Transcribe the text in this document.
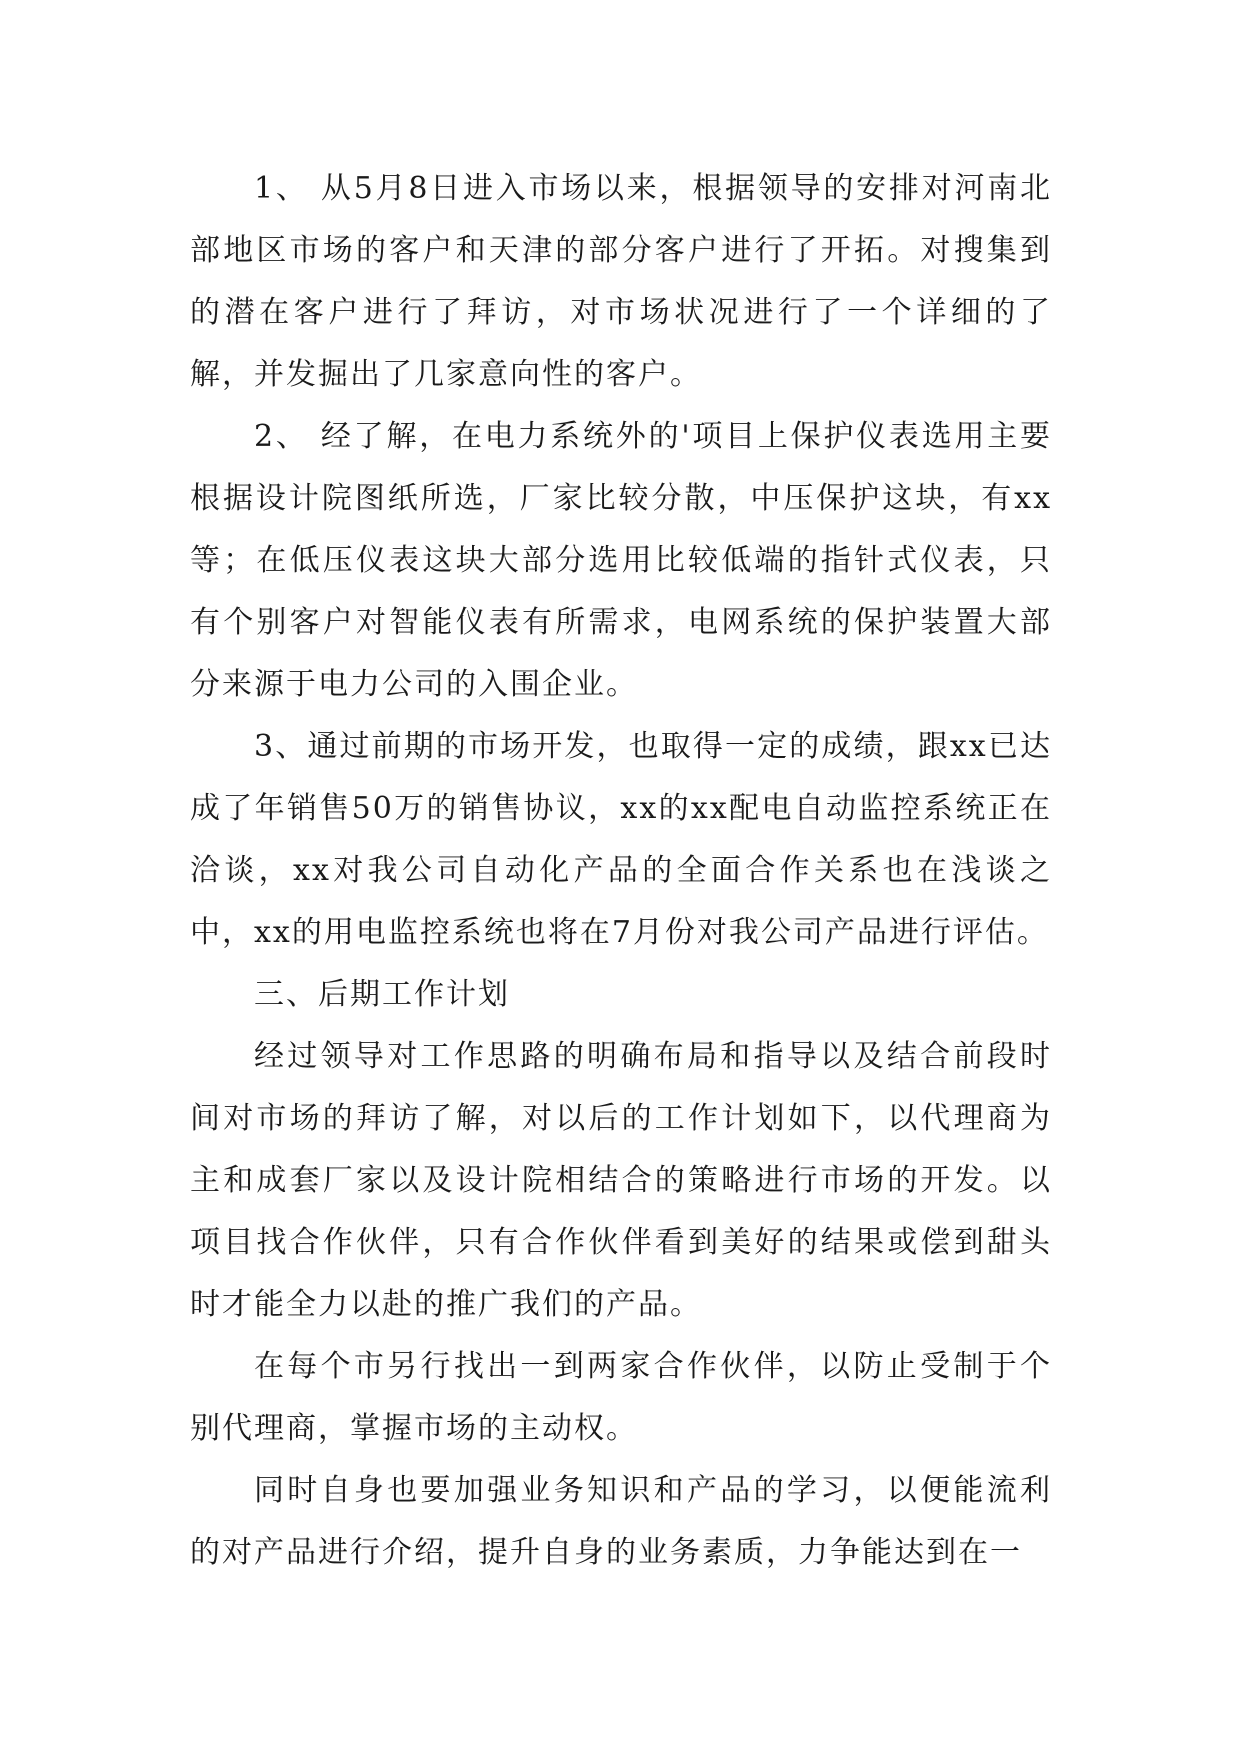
1、 从5月8日进入市场以来，根据领导的安排对河南北部地区市场的客户和天津的部分客户进行了开拓。对搜集到的潜在客户进行了拜访，对市场状况进行了一个详细的了解，并发掘出了几家意向性的客户。

2、 经了解，在电力系统外的'项目上保护仪表选用主要根据设计院图纸所选，厂家比较分散，中压保护这块，有xx等；在低压仪表这块大部分选用比较低端的指针式仪表，只有个别客户对智能仪表有所需求，电网系统的保护装置大部分来源于电力公司的入围企业。

3、通过前期的市场开发，也取得一定的成绩，跟xx已达成了年销售50万的销售协议，xx的xx配电自动监控系统正在洽谈，xx对我公司自动化产品的全面合作关系也在浅谈之中，xx的用电监控系统也将在7月份对我公司产品进行评估。

三、后期工作计划

经过领导对工作思路的明确布局和指导以及结合前段时间对市场的拜访了解，对以后的工作计划如下，以代理商为主和成套厂家以及设计院相结合的策略进行市场的开发。以项目找合作伙伴，只有合作伙伴看到美好的结果或偿到甜头时才能全力以赴的推广我们的产品。

在每个市另行找出一到两家合作伙伴，以防止受制于个别代理商，掌握市场的主动权。

同时自身也要加强业务知识和产品的学习，以便能流利的对产品进行介绍，提升自身的业务素质，力争能达到在一
